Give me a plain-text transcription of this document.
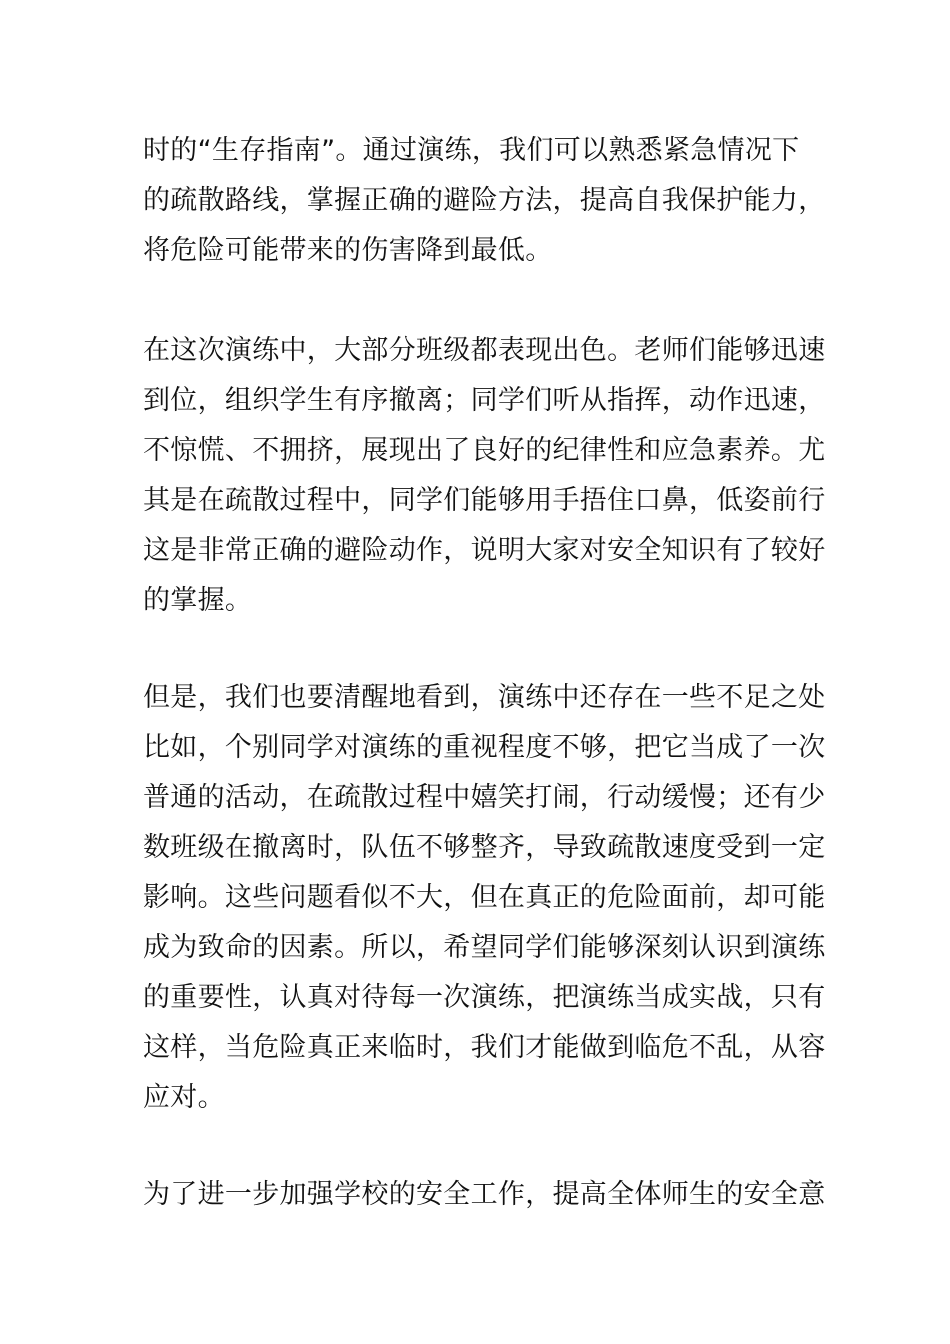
时的“生存指南”。通过演练，我们可以熟悉紧急情况下
的疏散路线，掌握正确的避险方法，提高自我保护能力，
将危险可能带来的伤害降到最低。
在这次演练中，大部分班级都表现出色。老师们能够迅速
到位，组织学生有序撤离；同学们听从指挥，动作迅速，
不惊慌、不拥挤，展现出了良好的纪律性和应急素养。尤
其是在疏散过程中，同学们能够用手捂住口鼻，低姿前行
这是非常正确的避险动作，说明大家对安全知识有了较好
的掌握。
但是，我们也要清醒地看到，演练中还存在一些不足之处
比如，个别同学对演练的重视程度不够，把它当成了一次
普通的活动，在疏散过程中嬉笑打闹，行动缓慢；还有少
数班级在撤离时，队伍不够整齐，导致疏散速度受到一定
影响。这些问题看似不大，但在真正的危险面前，却可能
成为致命的因素。所以，希望同学们能够深刻认识到演练
的重要性，认真对待每一次演练，把演练当成实战，只有
这样，当危险真正来临时，我们才能做到临危不乱，从容
应对。
为了进一步加强学校的安全工作，提高全体师生的安全意
